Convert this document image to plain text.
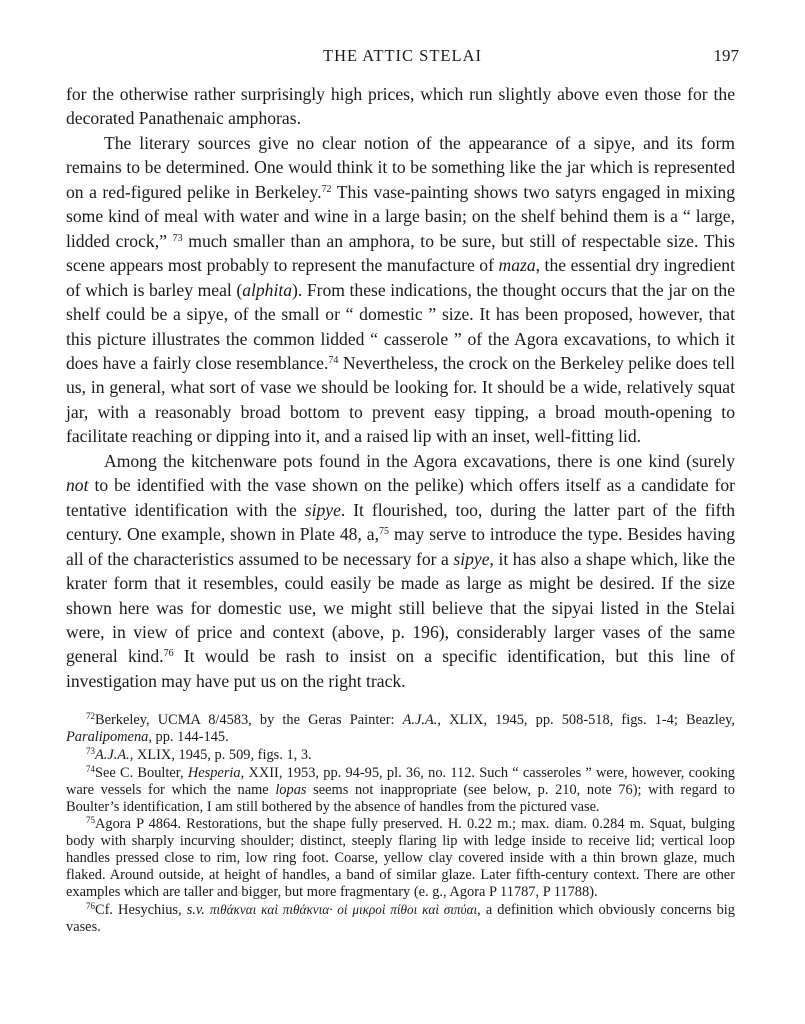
THE ATTIC STELAI	197

for the otherwise rather surprisingly high prices, which run slightly above even those for the decorated Panathenaic amphoras.

The literary sources give no clear notion of the appearance of a sipye, and its form remains to be determined. One would think it to be something like the jar which is represented on a red-figured pelike in Berkeley.$^{72}$ This vase-painting shows two satyrs engaged in mixing some kind of meal with water and wine in a large basin; on the shelf behind them is a “ large, lidded crock,” $^{73}$ much smaller than an amphora, to be sure, but still of respectable size. This scene appears most probably to represent the manufacture of maza, the essential dry ingredient of which is barley meal (alphita). From these indications, the thought occurs that the jar on the shelf could be a sipye, of the small or “ domestic ” size. It has been proposed, however, that this picture illustrates the common lidded “ casserole ” of the Agora excavations, to which it does have a fairly close resemblance.$^{74}$ Nevertheless, the crock on the Berkeley pelike does tell us, in general, what sort of vase we should be looking for. It should be a wide, relatively squat jar, with a reasonably broad bottom to prevent easy tipping, a broad mouth-opening to facilitate reaching or dipping into it, and a raised lip with an inset, well-fitting lid.

Among the kitchenware pots found in the Agora excavations, there is one kind (surely not to be identified with the vase shown on the pelike) which offers itself as a candidate for tentative identification with the sipye. It flourished, too, during the latter part of the fifth century. One example, shown in Plate 48, a,$^{75}$ may serve to introduce the type. Besides having all of the characteristics assumed to be necessary for a sipye, it has also a shape which, like the krater form that it resembles, could easily be made as large as might be desired. If the size shown here was for domestic use, we might still believe that the sipyai listed in the Stelai were, in view of price and context (above, p. 196), considerably larger vases of the same general kind.$^{76}$ It would be rash to insist on a specific identification, but this line of investigation may have put us on the right track.

$^{72}$Berkeley, UCMA 8/4583, by the Geras Painter: A.J.A., XLIX, 1945, pp. 508-518, figs. 1-4; Beazley, Paralipomena, pp. 144-145.

$^{73}$A.J.A., XLIX, 1945, p. 509, figs. 1, 3.

$^{74}$See C. Boulter, Hesperia, XXII, 1953, pp. 94-95, pl. 36, no. 112. Such “ casseroles ” were, however, cooking ware vessels for which the name lopas seems not inappropriate (see below, p. 210, note 76); with regard to Boulter’s identification, I am still bothered by the absence of handles from the pictured vase.

$^{75}$Agora P 4864. Restorations, but the shape fully preserved. H. 0.22 m.; max. diam. 0.284 m. Squat, bulging body with sharply incurving shoulder; distinct, steeply flaring lip with ledge inside to receive lid; vertical loop handles pressed close to rim, low ring foot. Coarse, yellow clay covered inside with a thin brown glaze, much flaked. Around outside, at height of handles, a band of similar glaze. Later fifth-century context. There are other examples which are taller and bigger, but more fragmentary (e. g., Agora P 11787, P 11788).

$^{76}$Cf. Hesychius, s.v. πιθάκναι καὶ πιθάκνια· οἱ μικροὶ πίθοι καὶ σιπύαι, a definition which obviously concerns big vases.
